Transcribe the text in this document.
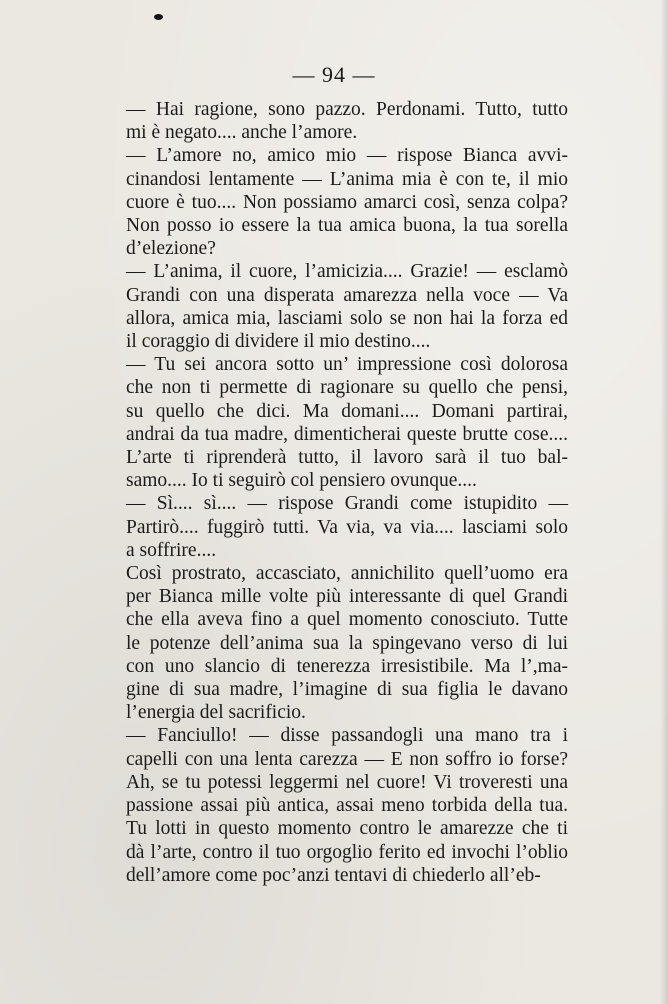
— 94 —

— Hai ragione, sono pazzo. Perdonami. Tutto, tutto
mi è negato.... anche l’amore.

— L’amore no, amico mio — rispose Bianca avvi-
cinandosi lentamente — L’anima mia è con te, il mio
cuore è tuo.... Non possiamo amarci così, senza colpa?
Non posso io essere la tua amica buona, la tua sorella
d’elezione?

— L’anima, il cuore, l’amicizia.... Grazie! — esclamò
Grandi con una disperata amarezza nella voce — Va
allora, amica mia, lasciami solo se non hai la forza ed
il coraggio di dividere il mio destino....

— Tu sei ancora sotto un’ impressione così dolorosa
che non ti permette di ragionare su quello che pensi,
su quello che dici. Ma domani.... Domani partirai,
andrai da tua madre, dimenticherai queste brutte cose....
L’arte ti riprenderà tutto, il lavoro sarà il tuo bal-
samo.... Io ti seguirò col pensiero ovunque....

— Sì.... sì.... — rispose Grandi come istupidito —
Partirò.... fuggirò tutti. Va via, va via.... lasciami solo
a soffrire....

Così prostrato, accasciato, annichilito quell’uomo era
per Bianca mille volte più interessante di quel Grandi
che ella aveva fino a quel momento conosciuto. Tutte
le potenze dell’anima sua la spingevano verso di lui
con uno slancio di tenerezza irresistibile. Ma l’,ma-
gine di sua madre, l’imagine di sua figlia le davano
l’energia del sacrificio.

— Fanciullo! — disse passandogli una mano tra i
capelli con una lenta carezza — E non soffro io forse?
Ah, se tu potessi leggermi nel cuore! Vi troveresti una
passione assai più antica, assai meno torbida della tua.
Tu lotti in questo momento contro le amarezze che ti
dà l’arte, contro il tuo orgoglio ferito ed invochi l’oblio
dell’amore come poc’anzi tentavi di chiederlo all’eb-
